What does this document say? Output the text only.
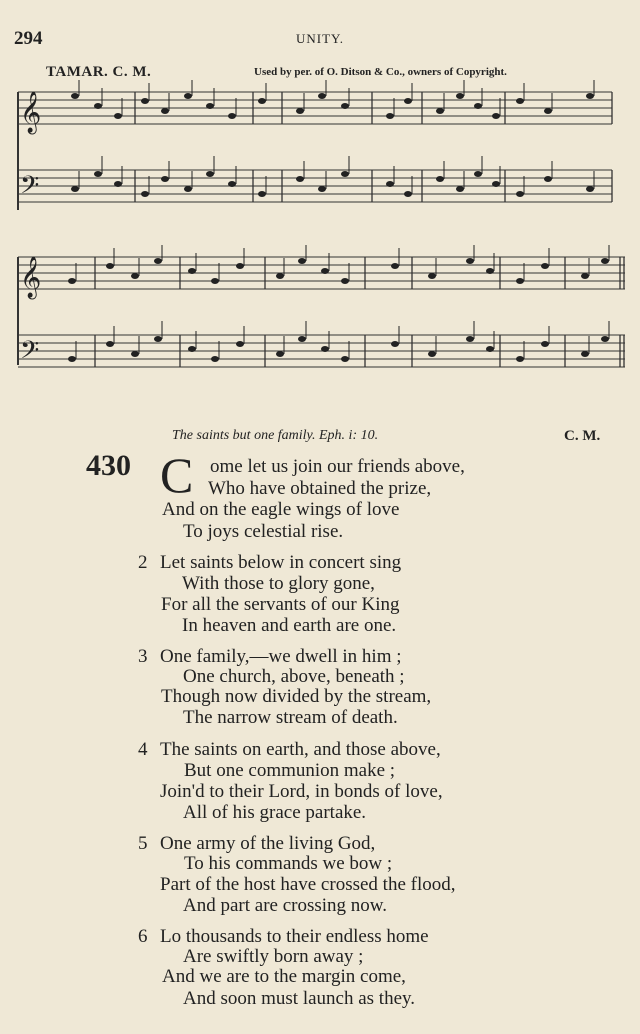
294	UNITY.
TAMAR. C. M.	Used by per. of O. Ditson & Co., owners of Copyright.
𝄞
𝄢
𝄞
𝄢
The saints but one family. Eph. i: 10.	C. M.
430 C ome let us join our friends above,
Who have obtained the prize,
And on the eagle wings of love
To joys celestial rise.
2 Let saints below in concert sing
With those to glory gone,
For all the servants of our King
In heaven and earth are one.
3 One family,—we dwell in him ;
One church, above, beneath ;
Though now divided by the stream,
The narrow stream of death.
4 The saints on earth, and those above,
But one communion make ;
Join'd to their Lord, in bonds of love,
All of his grace partake.
5 One army of the living God,
To his commands we bow ;
Part of the host have crossed the flood,
And part are crossing now.
6 Lo thousands to their endless home
Are swiftly born away ;
And we are to the margin come,
And soon must launch as they.
